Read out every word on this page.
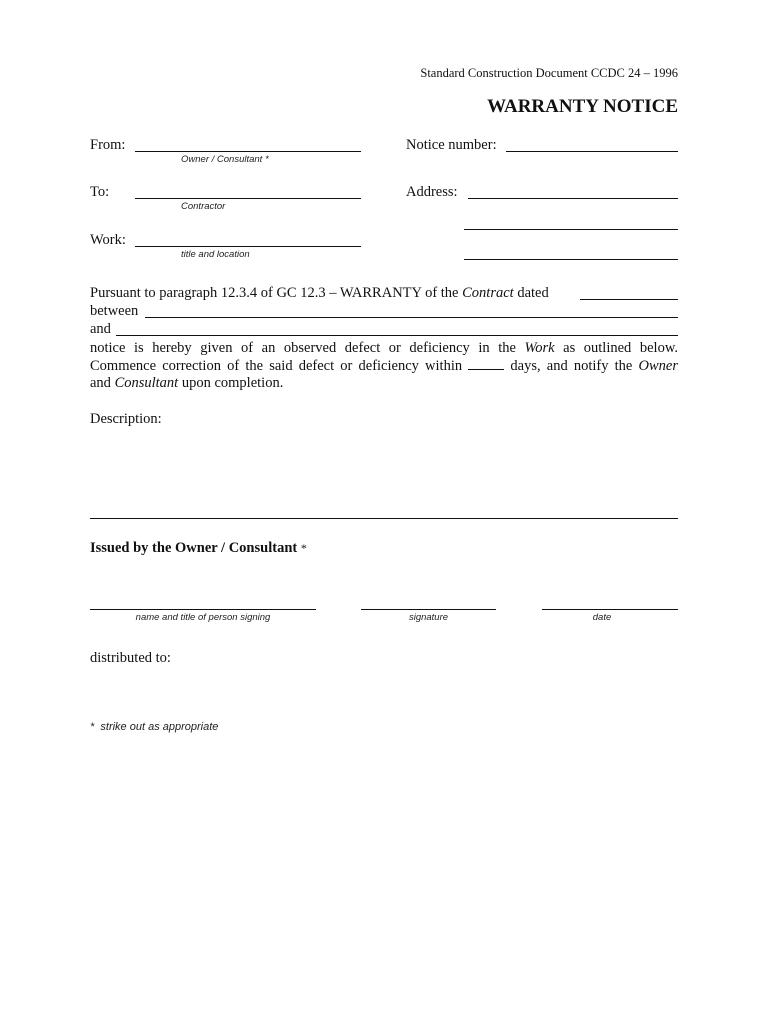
Standard Construction Document CCDC 24 – 1996
WARRANTY NOTICE
From:
Owner / Consultant *
Notice number:
To:
Contractor
Address:
Work:
title and location
Pursuant to paragraph 12.3.4 of GC 12.3 – WARRANTY of the Contract dated
between
and
notice is hereby given of an observed defect or deficiency in the Work as outlined below.
Commence correction of the said defect or deficiency within  days, and notify the Owner
and Consultant upon completion.
Description:
Issued by the Owner / Consultant *
name and title of person signing	signature	date
distributed to:
*  strike out as appropriate
